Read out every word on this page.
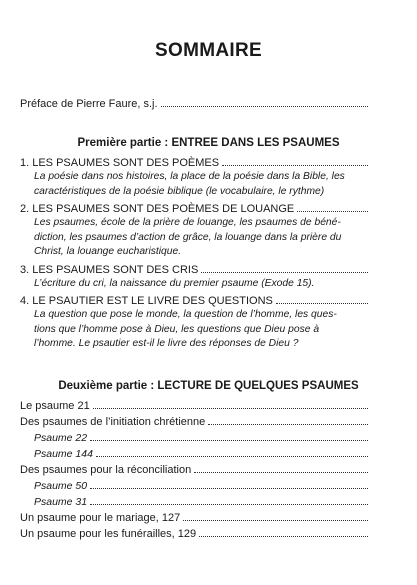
SOMMAIRE
Préface de Pierre Faure, s.j.
Première partie : ENTREE DANS LES PSAUMES
1. LES PSAUMES SONT DES POÈMES
La poésie dans nos histoires, la place de la poésie dans la Bible, les
caractéristiques de la poésie biblique (le vocabulaire, le rythme)
2. LES PSAUMES SONT DES POÈMES DE LOUANGE
Les psaumes, école de la prière de louange, les psaumes de béné-
diction, les psaumes d’action de grâce, la louange dans la prière du
Christ, la louange eucharistique.
3. LES PSAUMES SONT DES CRIS
L’écriture du cri, la naissance du premier psaume (Exode 15).
4. LE PSAUTIER EST LE LIVRE DES QUESTIONS
La question que pose le monde, la question de l’homme, les ques-
tions que l’homme pose à Dieu, les questions que Dieu pose à
l’homme. Le psautier est-il le livre des réponses de Dieu ?
Deuxième partie : LECTURE DE QUELQUES PSAUMES
Le psaume 21
Des psaumes de l’initiation chrétienne
Psaume 22
Psaume 144
Des psaumes pour la réconciliation
Psaume 50
Psaume 31
Un psaume pour le mariage, 127
Un psaume pour les funérailles, 129
